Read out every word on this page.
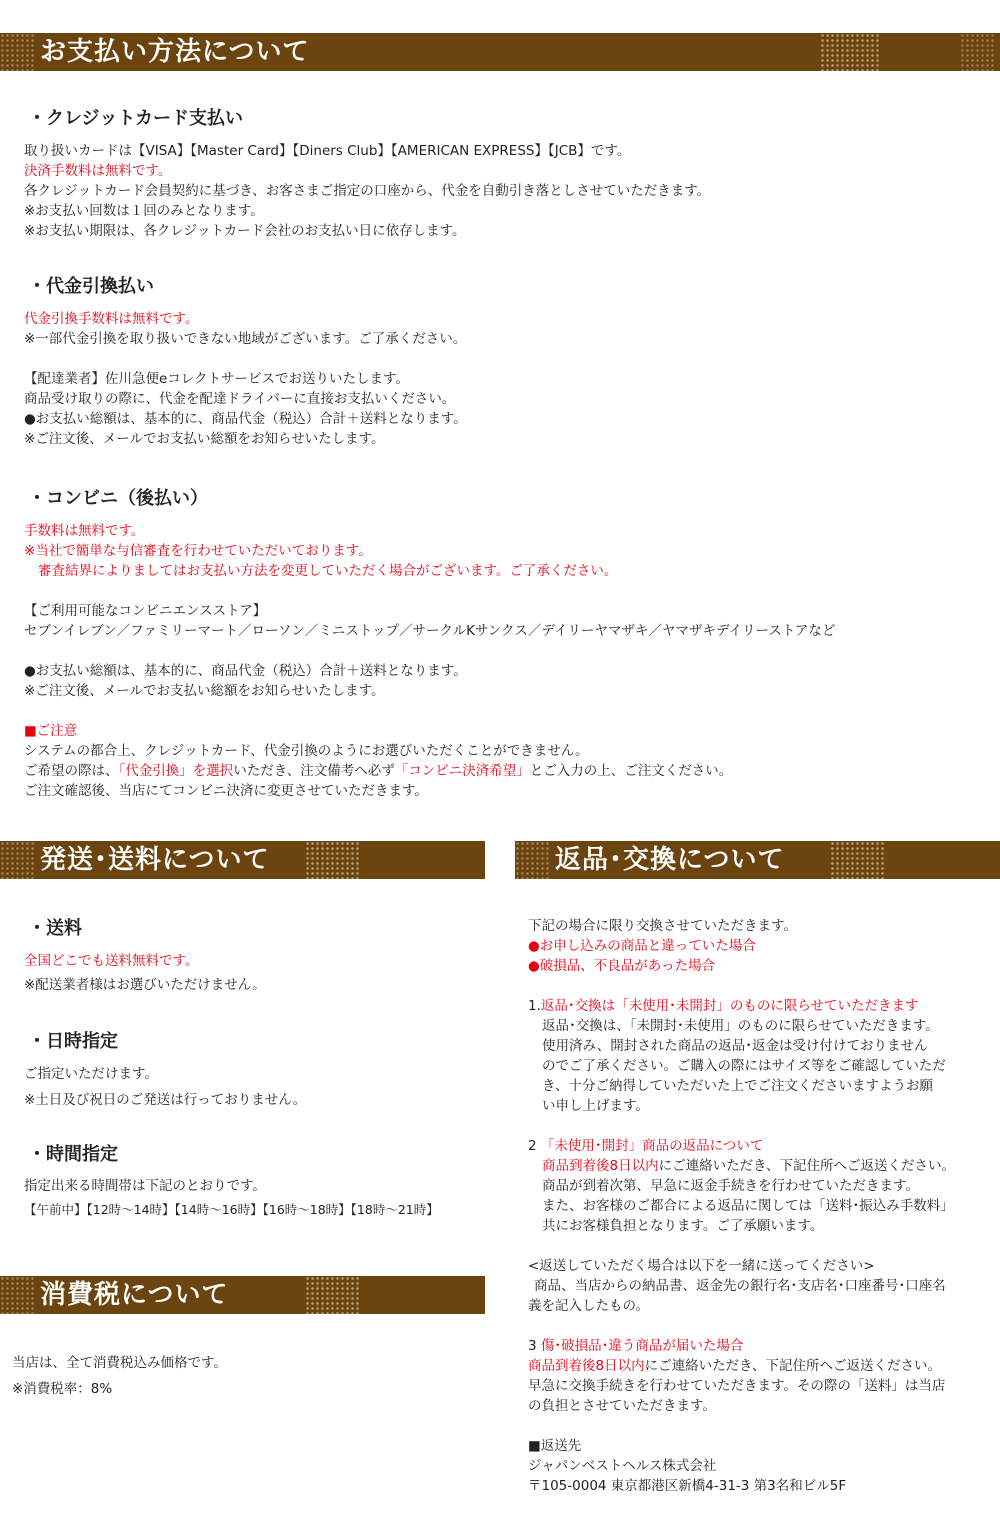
お支払い方法について
・クレジットカード支払い
取り扱いカードは【VISA】【Master Card】【Diners Club】【AMERICAN EXPRESS】【JCB】です。
決済手数料は無料です。
各クレジットカード会員契約に基づき、お客さまご指定の口座から、代金を自動引き落としさせていただきます。
※お支払い回数は１回のみとなります。
※お支払い期限は、各クレジットカード会社のお支払い日に依存します。
・代金引換払い
代金引換手数料は無料です。
※一部代金引換を取り扱いできない地域がございます。ご了承ください。

【配達業者】佐川急便eコレクトサービスでお送りいたします。
商品受け取りの際に、代金を配達ドライバーに直接お支払いください。
●お支払い総額は、基本的に、商品代金（税込）合計＋送料となります。
※ご注文後、メールでお支払い総額をお知らせいたします。
・コンビニ（後払い）
手数料は無料です。
※当社で簡単な与信審査を行わせていただいております。
審査結界によりましてはお支払い方法を変更していただく場合がございます。ご了承ください。

【ご利用可能なコンビニエンスストア】
セブンイレブン／ファミリーマート／ローソン／ミニストップ／サークルKサンクス／デイリーヤマザキ／ヤマザキデイリーストアなど

●お支払い総額は、基本的に、商品代金（税込）合計＋送料となります。
※ご注文後、メールでお支払い総額をお知らせいたします。

■ご注意
システムの都合上、クレジットカード、代金引換のようにお選びいただくことができません。
ご希望の際は、「代金引換」を選択いただき、注文備考へ必ず「コンビニ決済希望」とご入力の上、ご注文ください。
ご注文確認後、当店にてコンビニ決済に変更させていただきます。
発送･送料について
・送料
全国どこでも送料無料です。
※配送業者様はお選びいただけません。
・日時指定
ご指定いただけます。
※土日及び祝日のご発送は行っておりません。
・時間指定
指定出来る時間帯は下記のとおりです。
【午前中】【12時～14時】【14時～16時】【16時～18時】【18時～21時】
消費税について
当店は、全て消費税込み価格です。
※消費税率：8%
返品･交換について
下記の場合に限り交換させていただきます。
●お申し込みの商品と違っていた場合
●破損品、不良品があった場合

1.返品･交換は「未使用･未開封」のものに限らせていただきます
返品･交換は、「未開封･未使用」のものに限らせていただきます。
使用済み、開封された商品の返品･返金は受け付けておりません
のでご了承ください。ご購入の際にはサイズ等をご確認していただ
き、十分ご納得していただいた上でご注文くださいますようお願
い申し上げます。

2 「未使用･開封」商品の返品について
商品到着後8日以内にご連絡いただき、下記住所へご返送ください。
商品が到着次第、早急に返金手続きを行わせていただきます。
また、お客様のご都合による返品に関しては「送料･振込み手数料」
共にお客様負担となります。ご了承願います。

<返送していただく場合は以下を一緒に送ってください>
商品、当店からの納品書、返金先の銀行名･支店名･口座番号･口座名
義を記入したもの。

3 傷･破損品･違う商品が届いた場合
商品到着後8日以内にご連絡いただき、下記住所へご返送ください。
早急に交換手続きを行わせていただきます。その際の「送料」は当店
の負担とさせていただきます。

■返送先
ジャパンベストヘルス株式会社
〒105-0004 東京都港区新橋4-31-3 第3名和ビル5F
